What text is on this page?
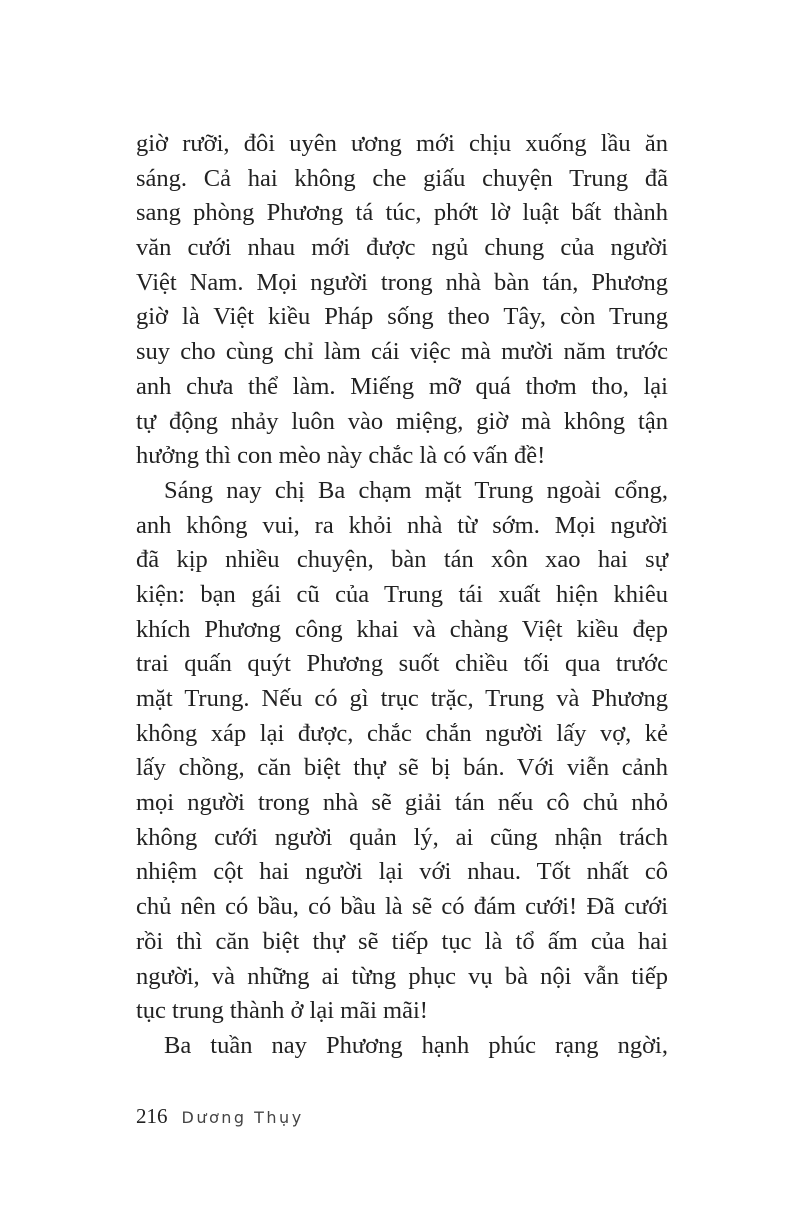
giờ rưỡi, đôi uyên ương mới chịu xuống lầu ăn
sáng. Cả hai không che giấu chuyện Trung đã
sang phòng Phương tá túc, phớt lờ luật bất thành
văn cưới nhau mới được ngủ chung của người
Việt Nam. Mọi người trong nhà bàn tán, Phương
giờ là Việt kiều Pháp sống theo Tây, còn Trung
suy cho cùng chỉ làm cái việc mà mười năm trước
anh chưa thể làm. Miếng mỡ quá thơm tho, lại
tự động nhảy luôn vào miệng, giờ mà không tận
hưởng thì con mèo này chắc là có vấn đề!
Sáng nay chị Ba chạm mặt Trung ngoài cổng,
anh không vui, ra khỏi nhà từ sớm. Mọi người
đã kịp nhiều chuyện, bàn tán xôn xao hai sự
kiện: bạn gái cũ của Trung tái xuất hiện khiêu
khích Phương công khai và chàng Việt kiều đẹp
trai quấn quýt Phương suốt chiều tối qua trước
mặt Trung. Nếu có gì trục trặc, Trung và Phương
không xáp lại được, chắc chắn người lấy vợ, kẻ
lấy chồng, căn biệt thự sẽ bị bán. Với viễn cảnh
mọi người trong nhà sẽ giải tán nếu cô chủ nhỏ
không cưới người quản lý, ai cũng nhận trách
nhiệm cột hai người lại với nhau. Tốt nhất cô
chủ nên có bầu, có bầu là sẽ có đám cưới! Đã cưới
rồi thì căn biệt thự sẽ tiếp tục là tổ ấm của hai
người, và những ai từng phục vụ bà nội vẫn tiếp
tục trung thành ở lại mãi mãi!
Ba tuần nay Phương hạnh phúc rạng ngời,
216 Dương Thụy
